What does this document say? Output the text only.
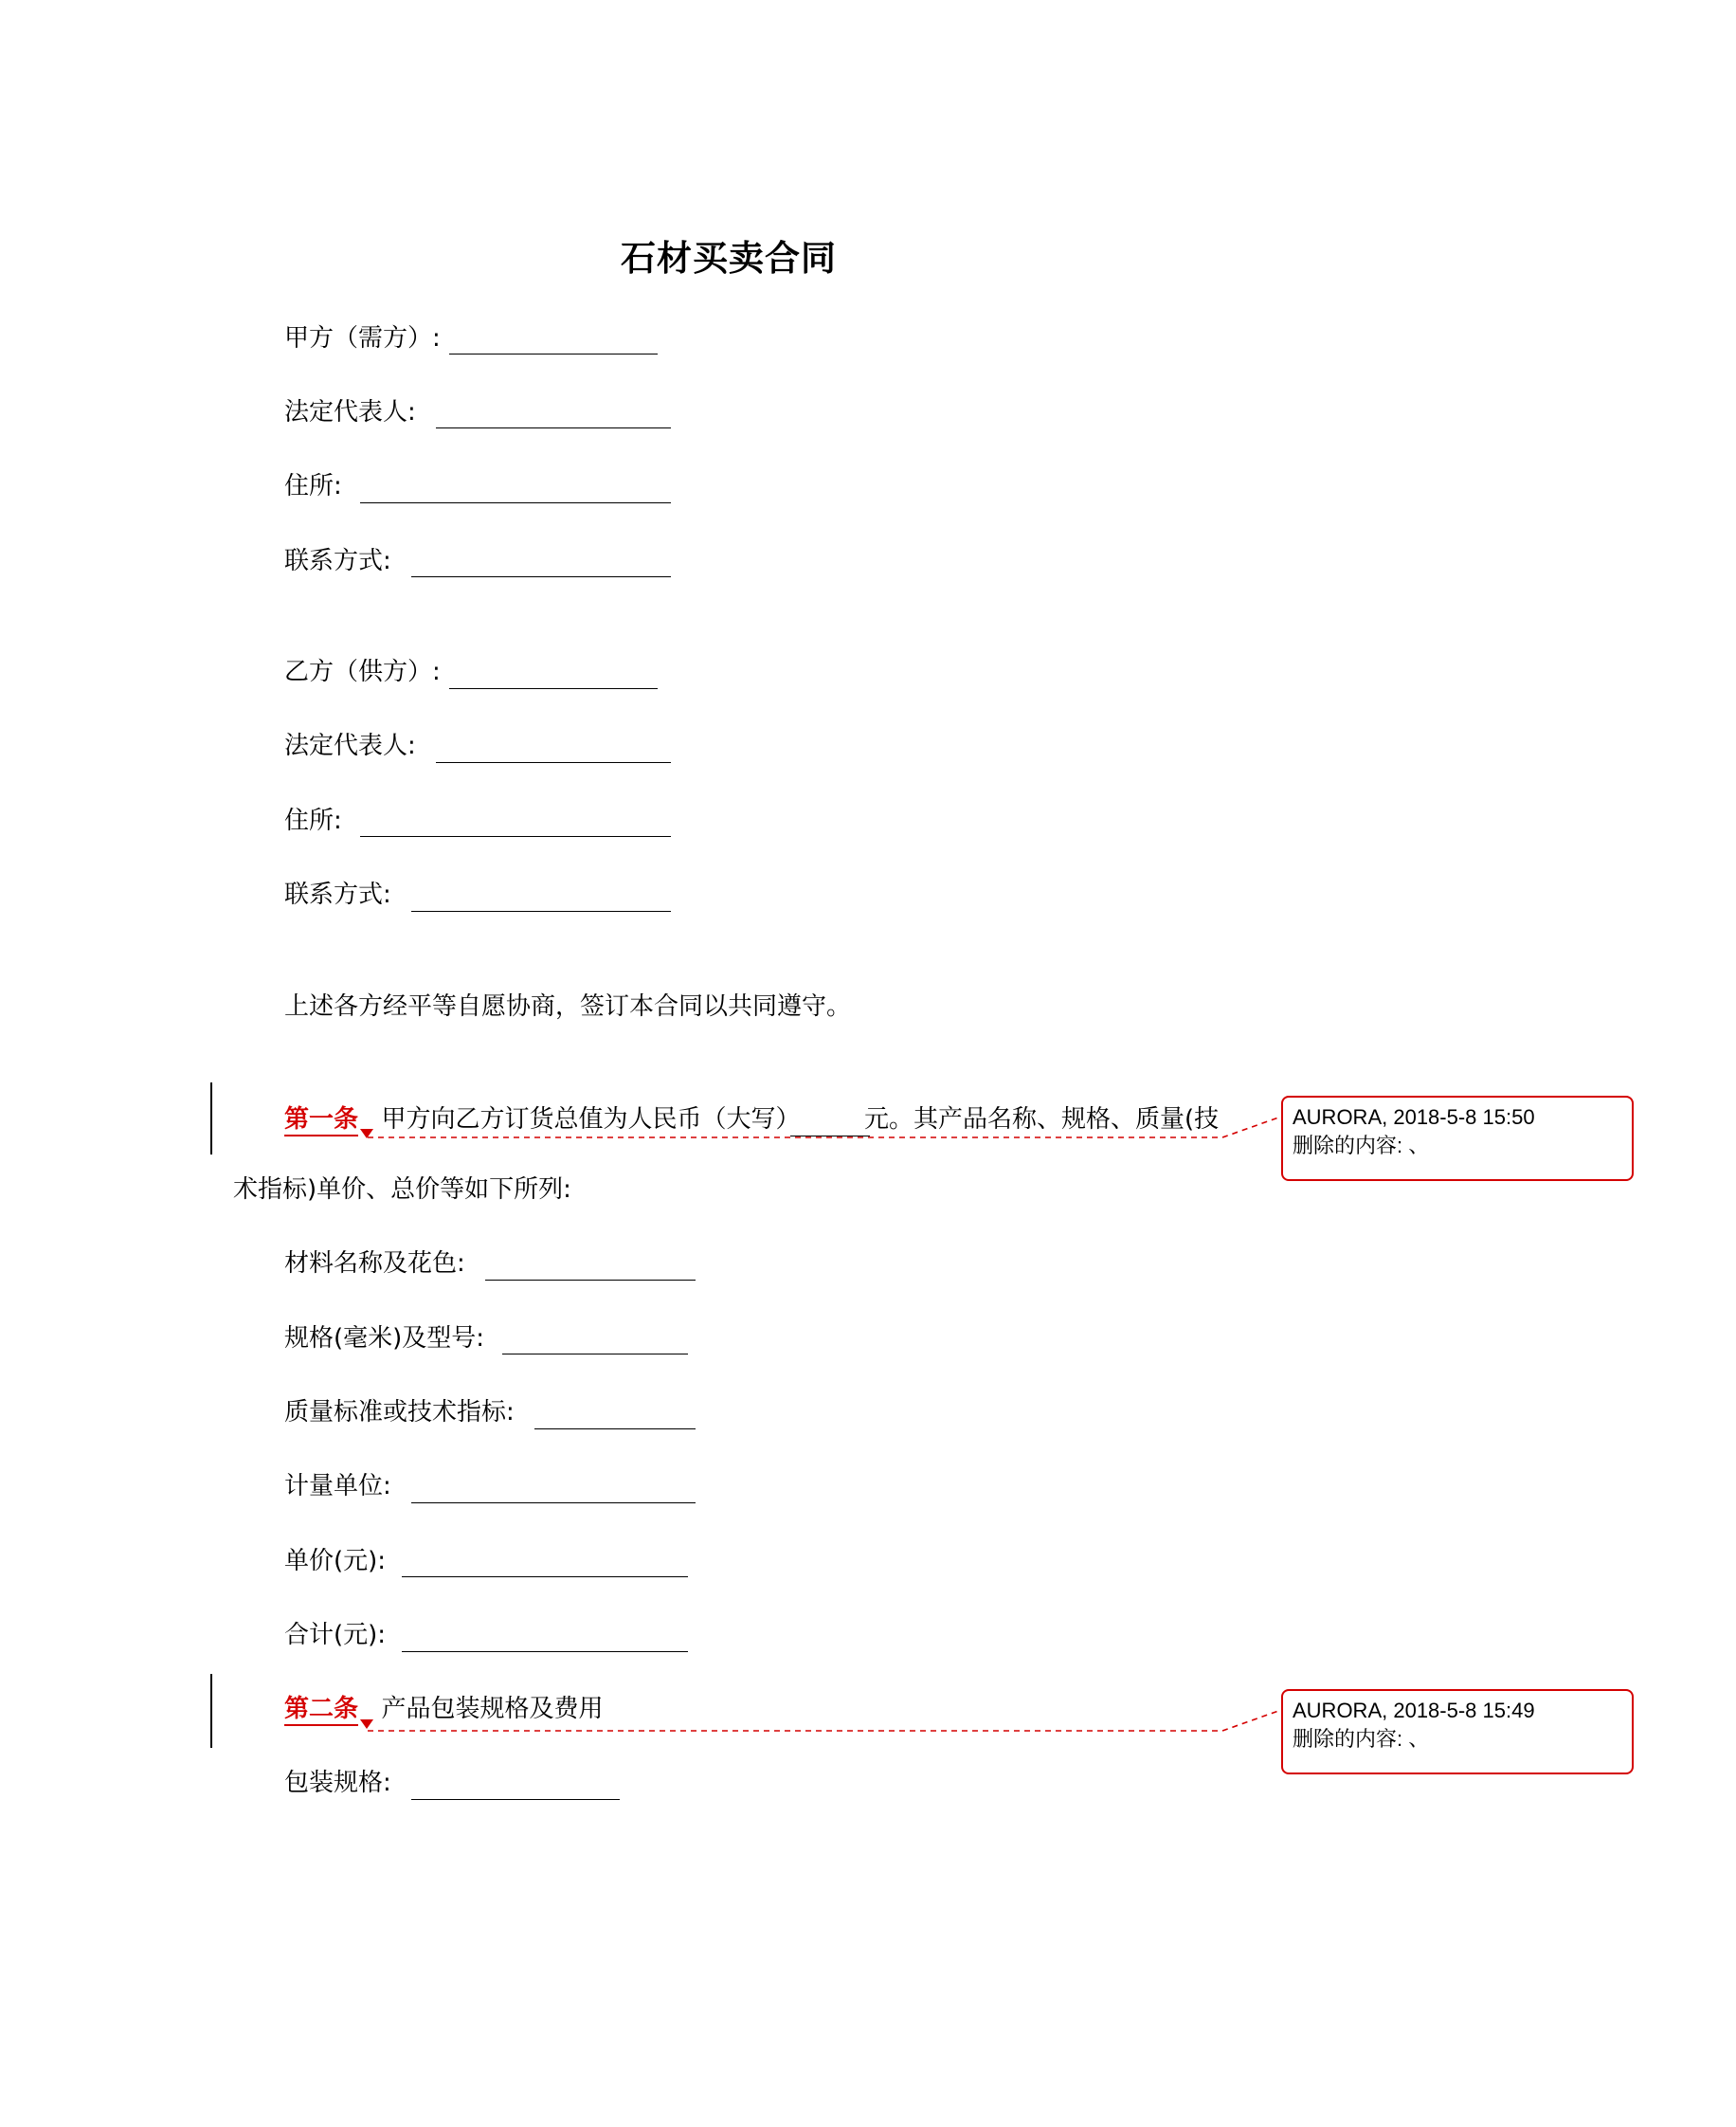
石材买卖合同
甲方（需方）:
法定代表人:
住所:
联系方式:
乙方（供方）:
法定代表人:
住所:
联系方式:
上述各方经平等自愿协商，签订本合同以共同遵守。
第一条 甲方向乙方订货总值为人民币（大写）	元。其产品名称、规格、质量(技
术指标)单价、总价等如下所列:
材料名称及花色:
规格(毫米)及型号:
质量标准或技术指标:
计量单位:
单价(元):
合计(元):
第二条 产品包装规格及费用
包装规格:
AURORA, 2018-5-8 15:50
删除的内容: 、
AURORA, 2018-5-8 15:49
删除的内容: 、
